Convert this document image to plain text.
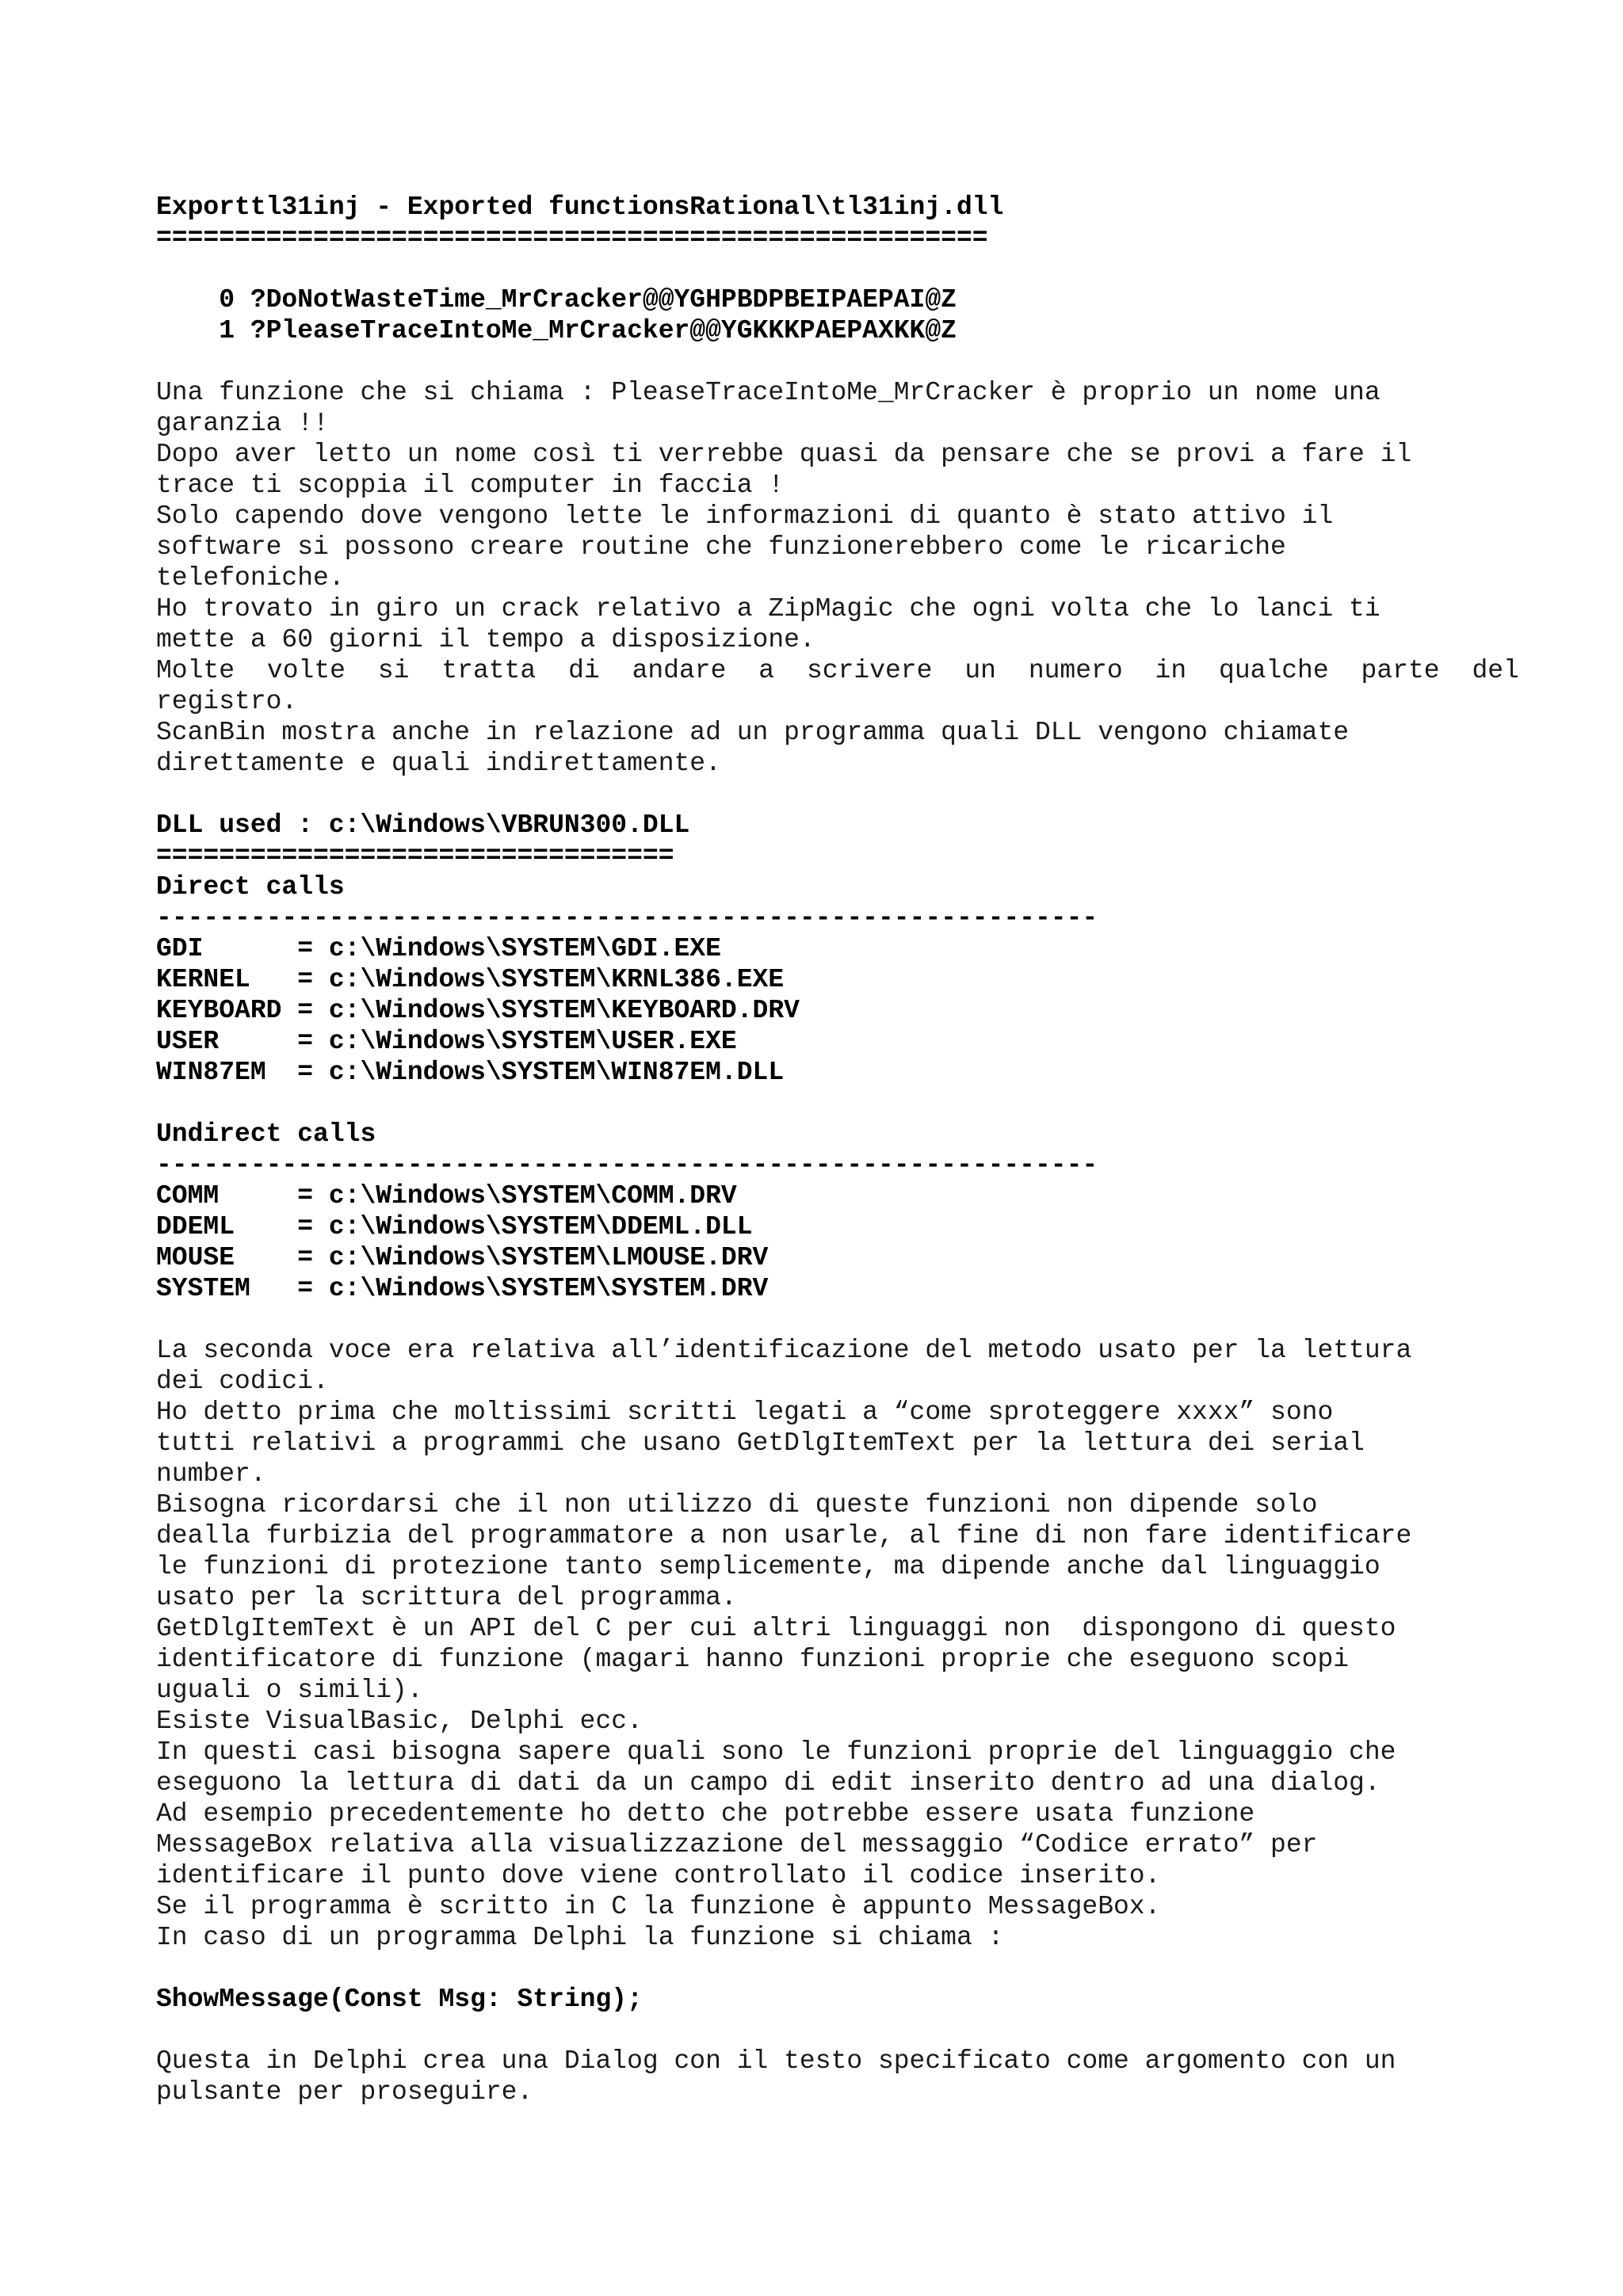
Exporttl31inj - Exported functionsRational\tl31inj.dll
=====================================================
0 ?DoNotWasteTime_MrCracker@@YGHPBDPBEIPAEPAI@Z
1 ?PleaseTraceIntoMe_MrCracker@@YGKKKPAEPAXKK@Z
Una funzione che si chiama : PleaseTraceIntoMe_MrCracker è proprio un nome una
garanzia !!
Dopo aver letto un nome così ti verrebbe quasi da pensare che se provi a fare il
trace ti scoppia il computer in faccia !
Solo capendo dove vengono lette le informazioni di quanto è stato attivo il
software si possono creare routine che funzionerebbero come le ricariche
telefoniche.
Ho trovato in giro un crack relativo a ZipMagic che ogni volta che lo lanci ti
mette a 60 giorni il tempo a disposizione.
Molte volte si tratta di andare a scrivere un numero in qualche parte del
registro.
ScanBin mostra anche in relazione ad un programma quali DLL vengono chiamate
direttamente e quali indirettamente.
DLL used : c:\Windows\VBRUN300.DLL
=================================
Direct calls
------------------------------------------------------------
GDI      = c:\Windows\SYSTEM\GDI.EXE
KERNEL   = c:\Windows\SYSTEM\KRNL386.EXE
KEYBOARD = c:\Windows\SYSTEM\KEYBOARD.DRV
USER     = c:\Windows\SYSTEM\USER.EXE
WIN87EM  = c:\Windows\SYSTEM\WIN87EM.DLL
Undirect calls
------------------------------------------------------------
COMM     = c:\Windows\SYSTEM\COMM.DRV
DDEML    = c:\Windows\SYSTEM\DDEML.DLL
MOUSE    = c:\Windows\SYSTEM\LMOUSE.DRV
SYSTEM   = c:\Windows\SYSTEM\SYSTEM.DRV
La seconda voce era relativa all’identificazione del metodo usato per la lettura
dei codici.
Ho detto prima che moltissimi scritti legati a “come sproteggere xxxx” sono
tutti relativi a programmi che usano GetDlgItemText per la lettura dei serial
number.
Bisogna ricordarsi che il non utilizzo di queste funzioni non dipende solo
dealla furbizia del programmatore a non usarle, al fine di non fare identificare
le funzioni di protezione tanto semplicemente, ma dipende anche dal linguaggio
usato per la scrittura del programma.
GetDlgItemText è un API del C per cui altri linguaggi non  dispongono di questo
identificatore di funzione (magari hanno funzioni proprie che eseguono scopi
uguali o simili).
Esiste VisualBasic, Delphi ecc.
In questi casi bisogna sapere quali sono le funzioni proprie del linguaggio che
eseguono la lettura di dati da un campo di edit inserito dentro ad una dialog.
Ad esempio precedentemente ho detto che potrebbe essere usata funzione
MessageBox relativa alla visualizzazione del messaggio “Codice errato” per
identificare il punto dove viene controllato il codice inserito.
Se il programma è scritto in C la funzione è appunto MessageBox.
In caso di un programma Delphi la funzione si chiama :
ShowMessage(Const Msg: String);
Questa in Delphi crea una Dialog con il testo specificato come argomento con un
pulsante per proseguire.
